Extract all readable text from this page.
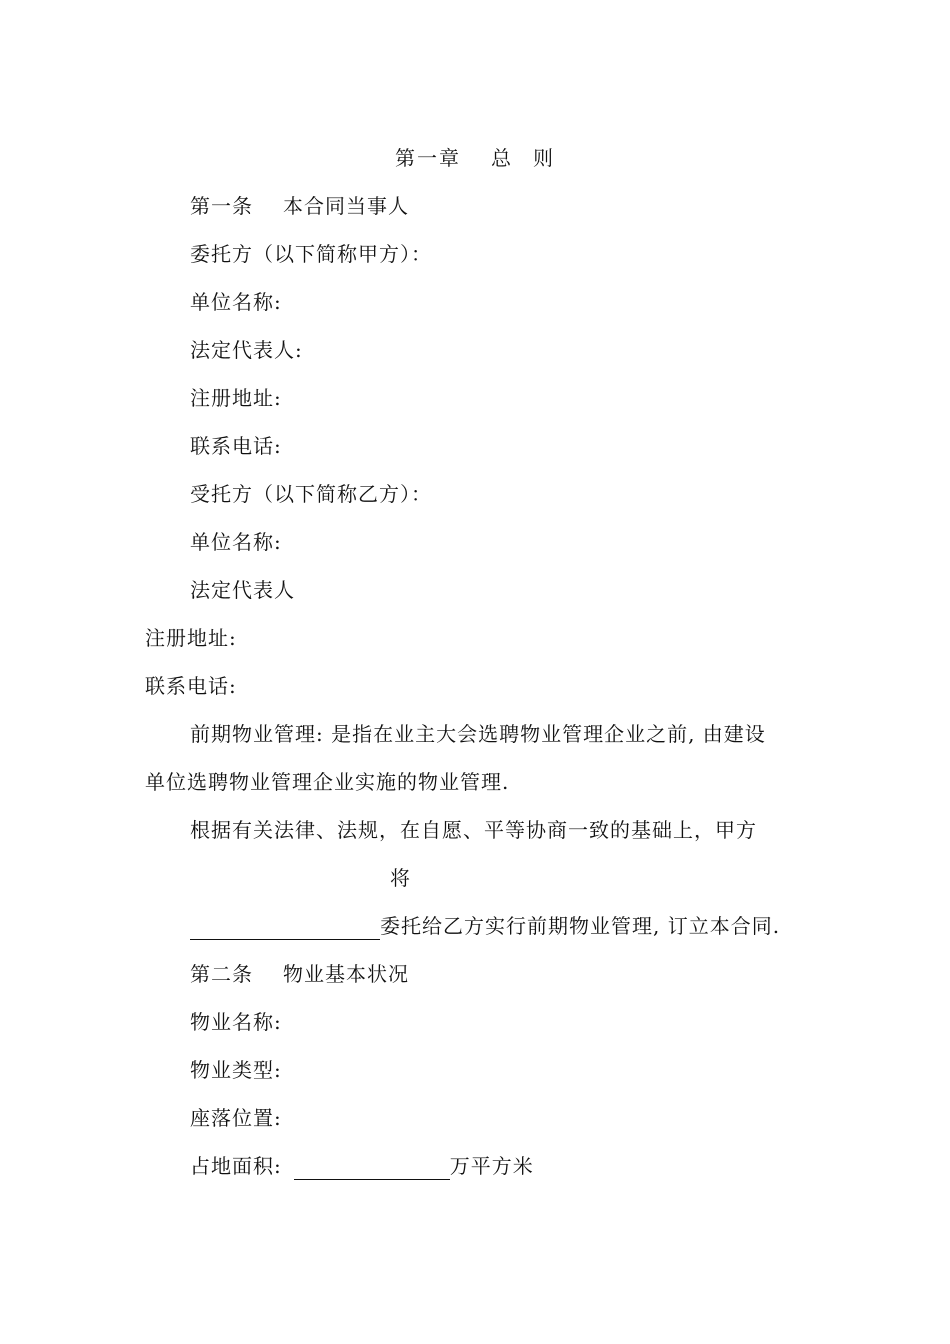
第一章 总 则
第一条 本合同当事人
委托方（以下简称甲方）：
单位名称:
法定代表人:
注册地址:
联系电话:
受托方（以下简称乙方）：
单位名称:
法定代表人
注册地址:
联系电话:
前期物业管理: 是指在业主大会选聘物业管理企业之前, 由建设
单位选聘物业管理企业实施的物业管理.
根据有关法律、法规，在自愿、平等协商一致的基础上，甲方
将
委托给乙方实行前期物业管理, 订立本合同.
第二条 物业基本状况
物业名称:
物业类型:
座落位置:
占地面积:	万平方米
